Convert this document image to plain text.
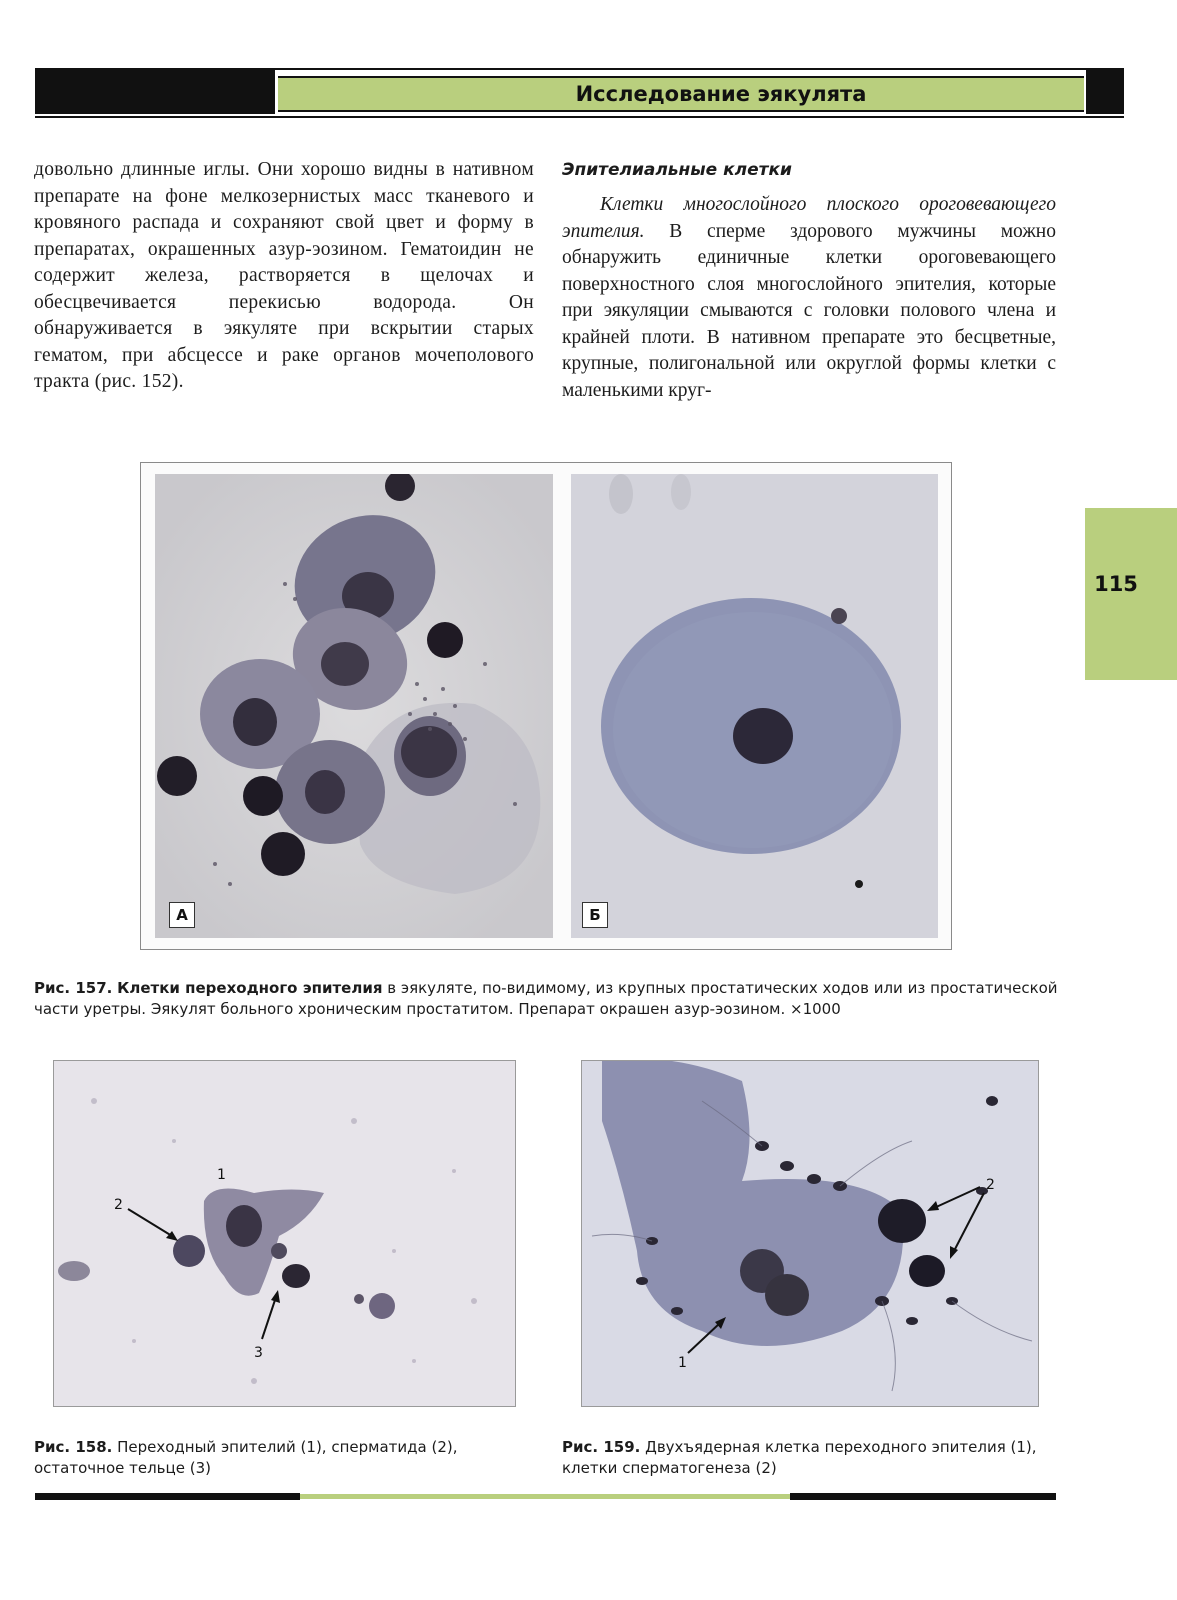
Исследование эякулята
115

довольно длинные иглы. Они хорошо видны в нативном препарате на фоне мелкозернистых масс тканевого и кровяного распада и сохраняют свой цвет и форму в препаратах, окрашенных азур-эозином. Гематоидин не содержит железа, растворяется в щелочах и обесцвечивается перекисью водорода. Он обнаруживается в эякуляте при вскрытии старых гематом, при абсцессе и раке органов мочеполового тракта (рис. 152).

Эпителиальные клетки

Клетки многослойного плоского ороговевающего эпителия. В сперме здорового мужчины можно обнаружить единичные клетки ороговевающего поверхностного слоя многослойного эпителия, которые при эякуляции смываются с головки полового члена и крайней плоти. В нативном препарате это бесцветные, крупные, полигональной или округлой формы клетки с маленькими круг-

А	Б
Рис. 157. Клетки переходного эпителия в эякуляте, по-видимому, из крупных простатических ходов или из простатической части уретры. Эякулят больного хроническим простатитом. Препарат окрашен азур-эозином. ×1000
1
2
3
Рис. 158. Переходный эпителий (1), сперматида (2), остаточное тельце (3)
1
2
Рис. 159. Двухъядерная клетка переходного эпителия (1), клетки сперматогенеза (2)
